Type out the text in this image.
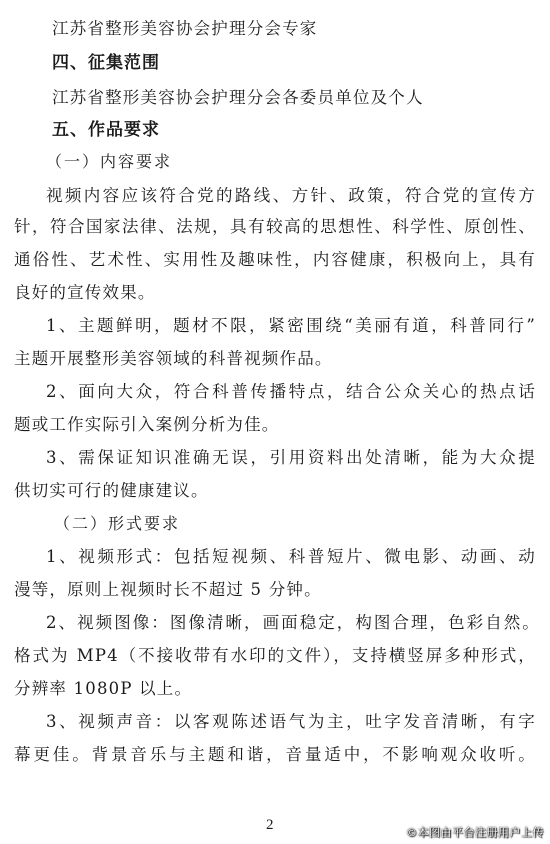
江苏省整形美容协会护理分会专家
四、征集范围
江苏省整形美容协会护理分会各委员单位及个人
五、作品要求
（一）内容要求
视频内容应该符合党的路线、方针、政策，符合党的宣传方
针，符合国家法律、法规，具有较高的思想性、科学性、原创性、
通俗性、艺术性、实用性及趣味性，内容健康，积极向上，具有
良好的宣传效果。
1、主题鲜明，题材不限，紧密围绕“美丽有道，科普同行”
主题开展整形美容领域的科普视频作品。
2、面向大众，符合科普传播特点，结合公众关心的热点话
题或工作实际引入案例分析为佳。
3、需保证知识准确无误，引用资料出处清晰，能为大众提
供切实可行的健康建议。
（二）形式要求
1、视频形式：包括短视频、科普短片、微电影、动画、动
漫等，原则上视频时长不超过 5 分钟。
2、视频图像：图像清晰，画面稳定，构图合理，色彩自然。
格式为 MP4（不接收带有水印的文件），支持横竖屏多种形式，
分辨率 1080P 以上。
3、视频声音：以客观陈述语气为主，吐字发音清晰，有字
幕更佳。背景音乐与主题和谐，音量适中，不影响观众收听。
2	©本图由平台注册用户上传
